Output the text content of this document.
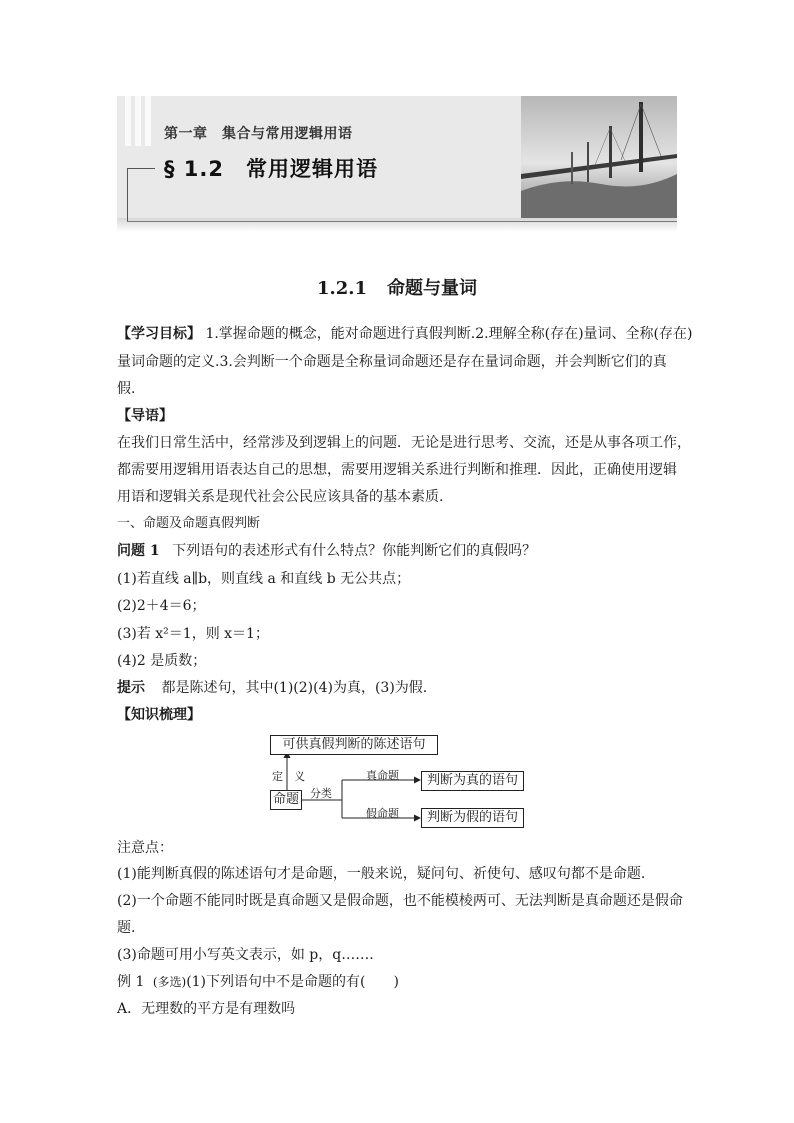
第一章　集合与常用逻辑用语
§ 1.2　常用逻辑用语
1.2.1 命题与量词
【学习目标】 1.掌握命题的概念，能对命题进行真假判断.2.理解全称(存在)量词、全称(存在)
量词命题的定义.3.会判断一个命题是全称量词命题还是存在量词命题，并会判断它们的真
假.
【导语】
在我们日常生活中，经常涉及到逻辑上的问题．无论是进行思考、交流，还是从事各项工作，
都需要用逻辑用语表达自己的思想，需要用逻辑关系进行判断和推理．因此，正确使用逻辑
用语和逻辑关系是现代社会公民应该具备的基本素质.
一、命题及命题真假判断
问题 1 下列语句的表述形式有什么特点？你能判断它们的真假吗？
(1)若直线 a∥b，则直线 a 和直线 b 无公共点；
(2)2＋4＝6；
(3)若 x²＝1，则 x＝1；
(4)2 是质数；
提示 都是陈述句，其中(1)(2)(4)为真，(3)为假.
【知识梳理】
可供真假判断的陈述语句
定　义
命题 分类
真命题
假命题
判断为真的语句
判断为假的语句
注意点：
(1)能判断真假的陈述语句才是命题，一般来说，疑问句、祈使句、感叹句都不是命题.
(2)一个命题不能同时既是真命题又是假命题，也不能模棱两可、无法判断是真命题还是假命
题.
(3)命题可用小写英文表示，如 p，q…….
例 1 (多选)(1)下列语句中不是命题的有(　　)
A．无理数的平方是有理数吗
